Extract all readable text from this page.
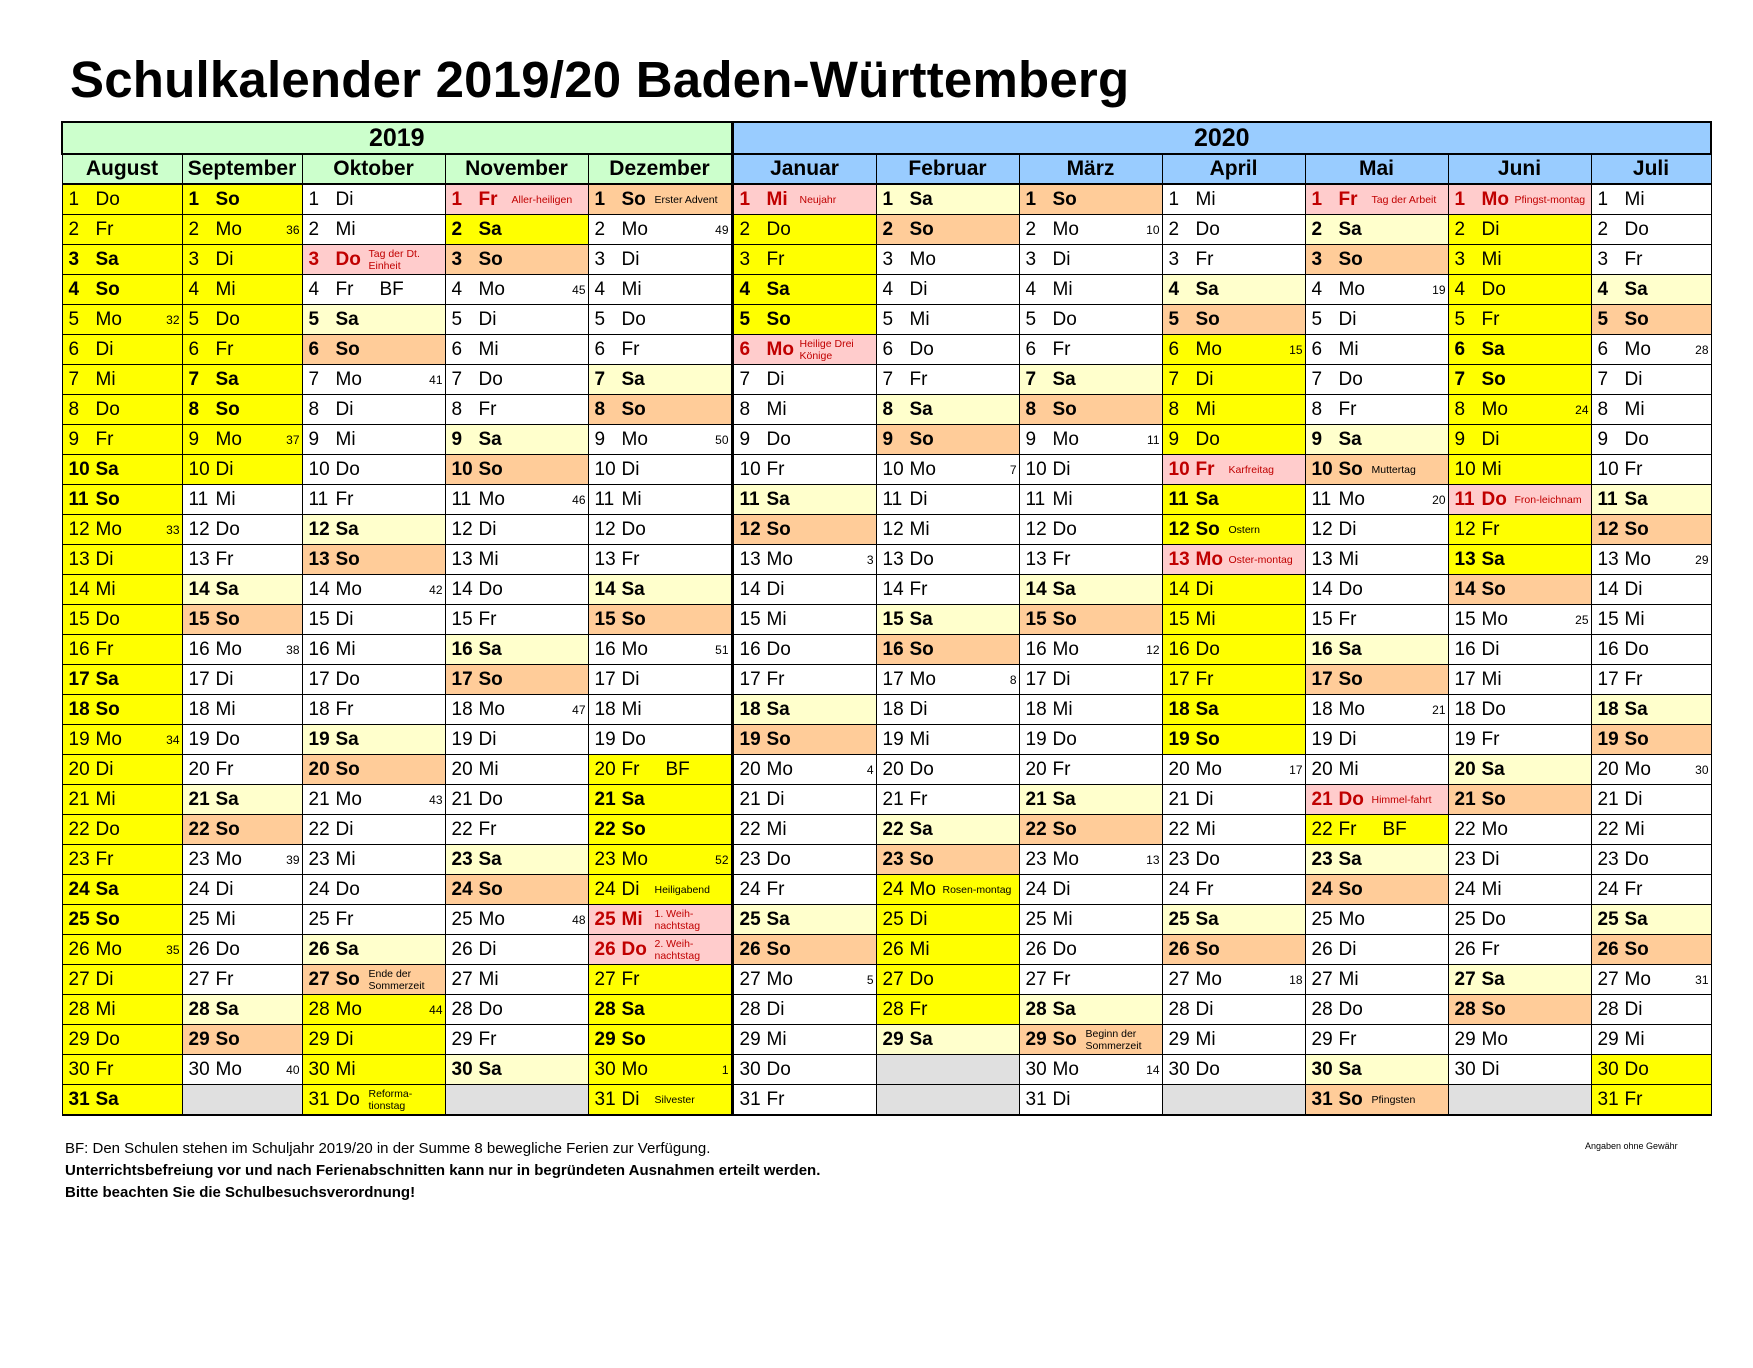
Schulkalender 2019/20 Baden-Württemberg
2019					2020						
August	September	Oktober	November	Dezember	Januar	Februar	März	April	Mai	Juni	Juli

1 Do	1 So	1 Di	1 Fr Aller-heiligen	1 So Erster Advent	1 Mi Neujahr	1 Sa	1 So	1 Mi	1 Fr Tag der Arbeit	1 Mo Pfingst-montag	1 Mi

2 Fr	2 Mo 36	2 Mi	2 Sa	2 Mo 49	2 Do	2 So	2 Mo 10	2 Do	2 Sa	2 Di	2 Do

3 Sa	3 Di	3 Do Tag der Dt. Einheit	3 So	3 Di	3 Fr	3 Mo	3 Di	3 Fr	3 So	3 Mi	3 Fr

4 So	4 Mi	4 Fr BF	4 Mo 45	4 Mi	4 Sa	4 Di	4 Mi	4 Sa	4 Mo 19	4 Do	4 Sa

5 Mo 32	5 Do	5 Sa	5 Di	5 Do	5 So	5 Mi	5 Do	5 So	5 Di	5 Fr	5 So

6 Di	6 Fr	6 So	6 Mi	6 Fr	6 Mo Heilige Drei Könige	6 Do	6 Fr	6 Mo 15	6 Mi	6 Sa	6 Mo 28

7 Mi	7 Sa	7 Mo 41	7 Do	7 Sa	7 Di	7 Fr	7 Sa	7 Di	7 Do	7 So	7 Di

8 Do	8 So	8 Di	8 Fr	8 So	8 Mi	8 Sa	8 So	8 Mi	8 Fr	8 Mo 24	8 Mi

9 Fr	9 Mo 37	9 Mi	9 Sa	9 Mo 50	9 Do	9 So	9 Mo 11	9 Do	9 Sa	9 Di	9 Do

10 Sa	10 Di	10 Do	10 So	10 Di	10 Fr	10 Mo 7	10 Di	10 Fr Karfreitag	10 So Muttertag	10 Mi	10 Fr

11 So	11 Mi	11 Fr	11 Mo 46	11 Mi	11 Sa	11 Di	11 Mi	11 Sa	11 Mo 20	11 Do Fron-leichnam	11 Sa

12 Mo 33	12 Do	12 Sa	12 Di	12 Do	12 So	12 Mi	12 Do	12 So Ostern	12 Di	12 Fr	12 So

13 Di	13 Fr	13 So	13 Mi	13 Fr	13 Mo 3	13 Do	13 Fr	13 Mo Oster-montag	13 Mi	13 Sa	13 Mo 29

14 Mi	14 Sa	14 Mo 42	14 Do	14 Sa	14 Di	14 Fr	14 Sa	14 Di	14 Do	14 So	14 Di

15 Do	15 So	15 Di	15 Fr	15 So	15 Mi	15 Sa	15 So	15 Mi	15 Fr	15 Mo 25	15 Mi

16 Fr	16 Mo 38	16 Mi	16 Sa	16 Mo 51	16 Do	16 So	16 Mo 12	16 Do	16 Sa	16 Di	16 Do

17 Sa	17 Di	17 Do	17 So	17 Di	17 Fr	17 Mo 8	17 Di	17 Fr	17 So	17 Mi	17 Fr

18 So	18 Mi	18 Fr	18 Mo 47	18 Mi	18 Sa	18 Di	18 Mi	18 Sa	18 Mo 21	18 Do	18 Sa

19 Mo 34	19 Do	19 Sa	19 Di	19 Do	19 So	19 Mi	19 Do	19 So	19 Di	19 Fr	19 So

20 Di	20 Fr	20 So	20 Mi	20 Fr BF	20 Mo 4	20 Do	20 Fr	20 Mo 17	20 Mi	20 Sa	20 Mo 30

21 Mi	21 Sa	21 Mo 43	21 Do	21 Sa	21 Di	21 Fr	21 Sa	21 Di	21 Do Himmel-fahrt	21 So	21 Di

22 Do	22 So	22 Di	22 Fr	22 So	22 Mi	22 Sa	22 So	22 Mi	22 Fr BF	22 Mo	22 Mi

23 Fr	23 Mo 39	23 Mi	23 Sa	23 Mo 52	23 Do	23 So	23 Mo 13	23 Do	23 Sa	23 Di	23 Do

24 Sa	24 Di	24 Do	24 So	24 Di Heiligabend	24 Fr	24 Mo Rosen-montag	24 Di	24 Fr	24 So	24 Mi	24 Fr

25 So	25 Mi	25 Fr	25 Mo 48	25 Mi 1. Weih-nachtstag	25 Sa	25 Di	25 Mi	25 Sa	25 Mo	25 Do	25 Sa

26 Mo 35	26 Do	26 Sa	26 Di	26 Do 2. Weih-nachtstag	26 So	26 Mi	26 Do	26 So	26 Di	26 Fr	26 So

27 Di	27 Fr	27 So Ende der Sommerzeit	27 Mi	27 Fr	27 Mo 5	27 Do	27 Fr	27 Mo 18	27 Mi	27 Sa	27 Mo 31

28 Mi	28 Sa	28 Mo 44	28 Do	28 Sa	28 Di	28 Fr	28 Sa	28 Di	28 Do	28 So	28 Di

29 Do	29 So	29 Di	29 Fr	29 So	29 Mi	29 Sa	29 So Beginn der Sommerzeit	29 Mi	29 Fr	29 Mo	29 Mi

30 Fr	30 Mo 40	30 Mi	30 Sa	30 Mo 1	30 Do		30 Mo 14	30 Do	30 Sa	30 Di	30 Do

31 Sa		31 Do Reforma-tionstag		31 Di Silvester	31 Fr		31 Di		31 So Pfingsten		31 Fr
BF: Den Schulen stehen im Schuljahr 2019/20 in der Summe 8 bewegliche Ferien zur Verfügung.
Unterrichtsbefreiung vor und nach Ferienabschnitten kann nur in begründeten Ausnahmen erteilt werden.
Bitte beachten Sie die Schulbesuchsverordnung!
Angaben ohne Gewähr
